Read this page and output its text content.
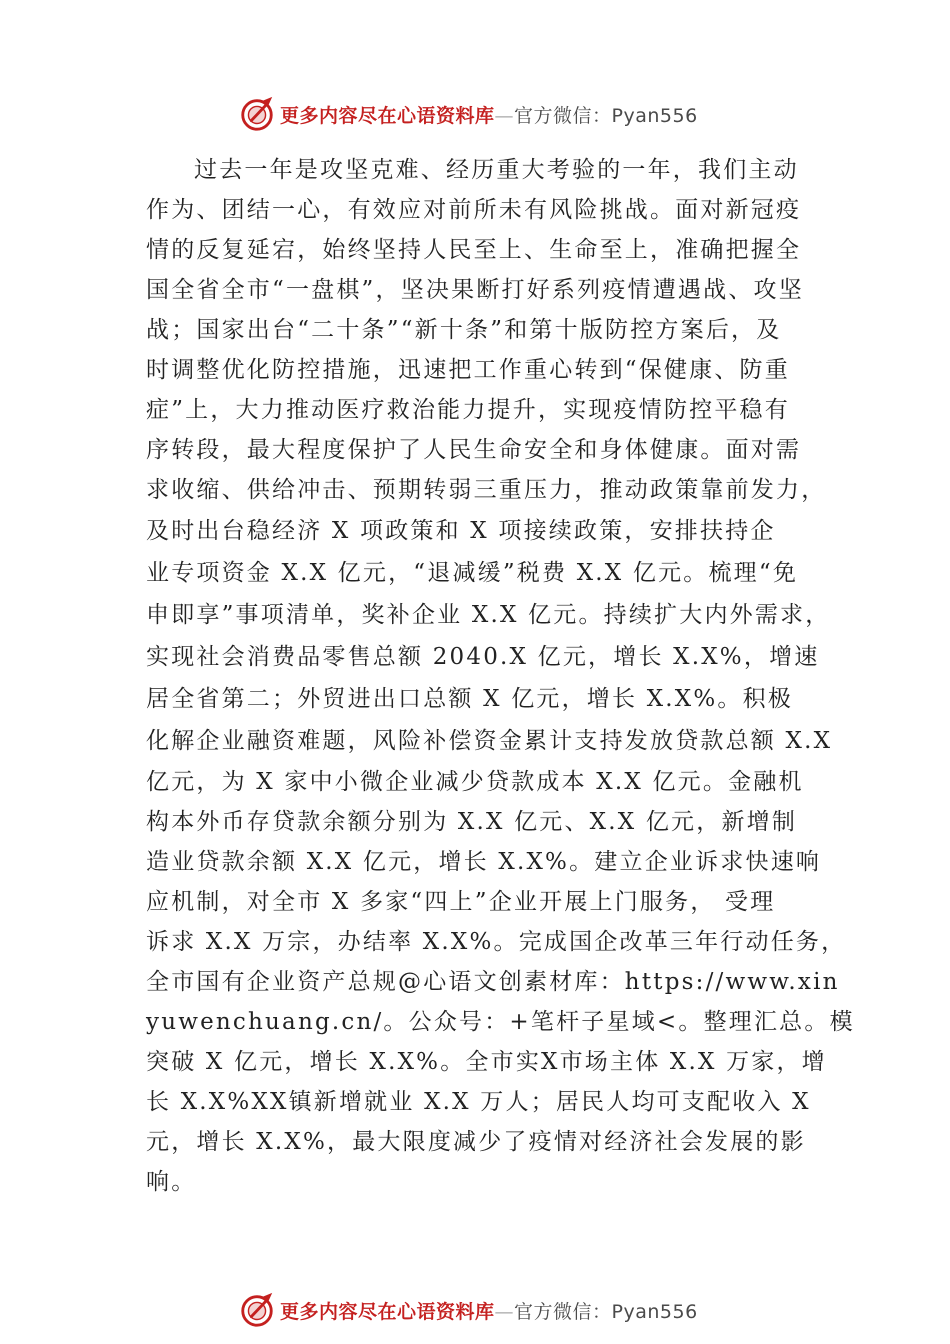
更多内容尽在心语资料库—官方微信：Pyan556
过去一年是攻坚克难、经历重大考验的一年，我们主动
作为、团结一心，有效应对前所未有风险挑战。面对新冠疫
情的反复延宕，始终坚持人民至上、生命至上，准确把握全
国全省全市“一盘棋”，坚决果断打好系列疫情遭遇战、攻坚
战；国家出台“二十条”“新十条”和第十版防控方案后，及
时调整优化防控措施，迅速把工作重心转到“保健康、防重
症”上，大力推动医疗救治能力提升，实现疫情防控平稳有
序转段，最大程度保护了人民生命安全和身体健康。面对需
求收缩、供给冲击、预期转弱三重压力，推动政策靠前发力，
及时出台稳经济 X 项政策和 X 项接续政策，安排扶持企
业专项资金 X.X 亿元，“退减缓”税费 X.X 亿元。梳理“免
申即享”事项清单，奖补企业 X.X 亿元。持续扩大内外需求，
实现社会消费品零售总额 2040.X 亿元，增长 X.X%，增速
居全省第二；外贸进出口总额 X 亿元，增长 X.X%。积极
化解企业融资难题，风险补偿资金累计支持发放贷款总额 X.X
亿元，为 X 家中小微企业减少贷款成本 X.X 亿元。金融机
构本外币存贷款余额分别为 X.X 亿元、X.X 亿元，新增制
造业贷款余额 X.X 亿元，增长 X.X%。建立企业诉求快速响
应机制，对全市 X 多家“四上”企业开展上门服务， 受理
诉求 X.X 万宗，办结率 X.X%。完成国企改革三年行动任务，
全市国有企业资产总规@心语文创素材库：https://www.xin
yuwenchuang.cn/。公众号：+笔杆子星域<。整理汇总。模
突破 X 亿元，增长 X.X%。全市实X市场主体 X.X 万家，增
长 X.X%XX镇新增就业 X.X 万人；居民人均可支配收入 X
元，增长 X.X%，最大限度减少了疫情对经济社会发展的影
响。
更多内容尽在心语资料库—官方微信：Pyan556
